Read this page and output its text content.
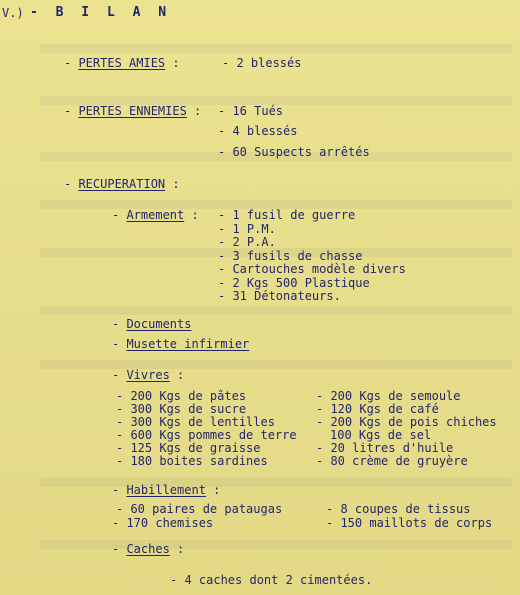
V.) - B I L A N
- PERTES AMIES :	- 2 blessés
- PERTES ENNEMIES : - 16 Tués
- 4 blessés
- 60 Suspects arrêtés
- RECUPERATION :
- Armement : - 1 fusil de guerre
- 1 P.M.
- 2 P.A.
- 3 fusils de chasse
- Cartouches modèle divers
- 2 Kgs 500 Plastique
- 31 Détonateurs.
- Documents
- Musette infirmier
- Vivres :
- 200 Kgs de pâtes
- 300 Kgs de sucre
- 300 Kgs de lentilles
- 600 Kgs pommes de terre
- 125 Kgs de graisse
- 180 boites sardines
- 200 Kgs de semoule
- 120 Kgs de café
- 200 Kgs de pois chiches
100 Kgs de sel
- 20 litres d'huile
- 80 crème de gruyère
- Habillement :
- 60 paires de pataugas
- 170 chemises
- 8 coupes de tissus
- 150 maillots de corps
- Caches :
- 4 caches dont 2 cimentées.
